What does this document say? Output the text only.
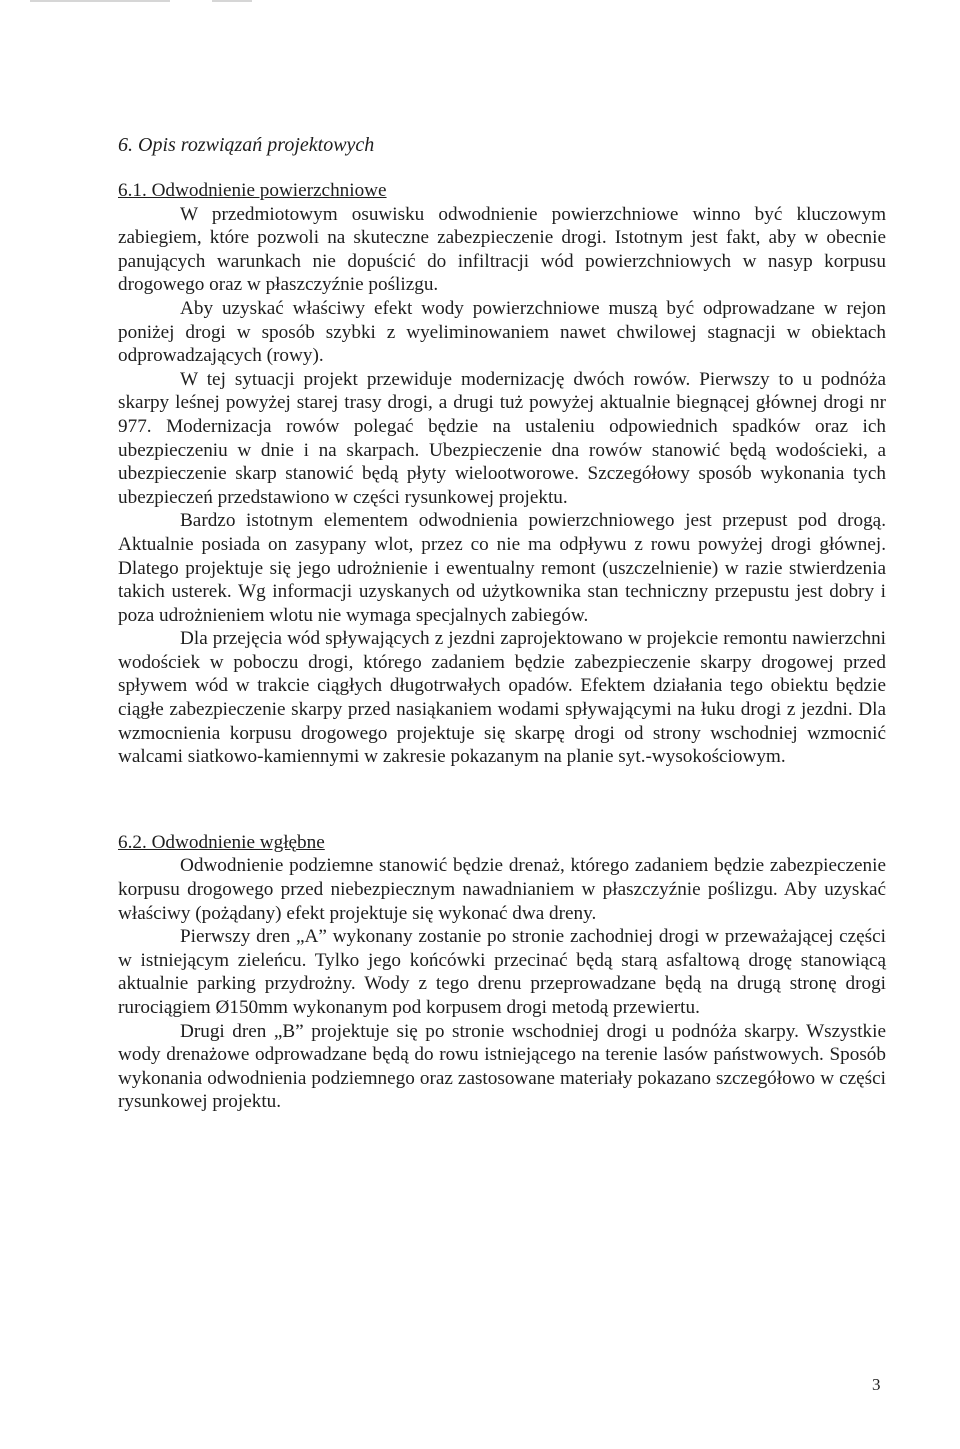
6. Opis rozwiązań projektowych
6.1. Odwodnienie powierzchniowe

W przedmiotowym osuwisku odwodnienie powierzchniowe winno być kluczowym zabiegiem, które pozwoli na skuteczne zabezpieczenie drogi. Istotnym jest fakt, aby w obecnie panujących warunkach nie dopuścić do infiltracji wód powierzchniowych w nasyp korpusu drogowego oraz w płaszczyźnie poślizgu.

Aby uzyskać właściwy efekt wody powierzchniowe muszą być odprowadzane w rejon poniżej drogi w sposób szybki z wyeliminowaniem nawet chwilowej stagnacji w obiektach odprowadzających (rowy).

W tej sytuacji projekt przewiduje modernizację dwóch rowów. Pierwszy to u podnóża skarpy leśnej powyżej starej trasy drogi, a drugi tuż powyżej aktualnie biegnącej głównej drogi nr 977. Modernizacja rowów polegać będzie na ustaleniu odpowiednich spadków oraz ich ubezpieczeniu w dnie i na skarpach. Ubezpieczenie dna rowów stanowić będą wodościeki, a ubezpieczenie skarp stanowić będą płyty wielootworowe. Szczegółowy sposób wykonania tych ubezpieczeń przedstawiono w części rysunkowej projektu.

Bardzo istotnym elementem odwodnienia powierzchniowego jest przepust pod drogą. Aktualnie posiada on zasypany wlot, przez co nie ma odpływu z rowu powyżej drogi głównej. Dlatego projektuje się jego udrożnienie i ewentualny remont (uszczelnienie) w razie stwierdzenia takich usterek. Wg informacji uzyskanych od użytkownika stan techniczny przepustu jest dobry i poza udrożnieniem wlotu nie wymaga specjalnych zabiegów.

Dla przejęcia wód spływających z jezdni zaprojektowano w projekcie remontu nawierzchni wodościek w poboczu drogi, którego zadaniem będzie zabezpieczenie skarpy drogowej przed spływem wód w trakcie ciągłych długotrwałych opadów. Efektem działania tego obiektu będzie ciągłe zabezpieczenie skarpy przed nasiąkaniem wodami spływającymi na łuku drogi z jezdni. Dla wzmocnienia korpusu drogowego projektuje się skarpę drogi od strony wschodniej wzmocnić walcami siatkowo-kamiennymi w zakresie pokazanym na planie syt.-wysokościowym.

6.2. Odwodnienie wgłębne

Odwodnienie podziemne stanowić będzie drenaż, którego zadaniem będzie zabezpieczenie korpusu drogowego przed niebezpiecznym nawadnianiem w płaszczyźnie poślizgu. Aby uzyskać właściwy (pożądany) efekt projektuje się wykonać dwa dreny.

Pierwszy dren „A” wykonany zostanie po stronie zachodniej drogi w przeważającej części w istniejącym zieleńcu. Tylko jego końcówki przecinać będą starą asfaltową drogę stanowiącą aktualnie parking przydrożny. Wody z tego drenu przeprowadzane będą na drugą stronę drogi rurociągiem Ø150mm wykonanym pod korpusem drogi metodą przewiertu.

Drugi dren „B” projektuje się po stronie wschodniej drogi u podnóża skarpy. Wszystkie wody drenażowe odprowadzane będą do rowu istniejącego na terenie lasów państwowych. Sposób wykonania odwodnienia podziemnego oraz zastosowane materiały pokazano szczegółowo w części rysunkowej projektu.

3
